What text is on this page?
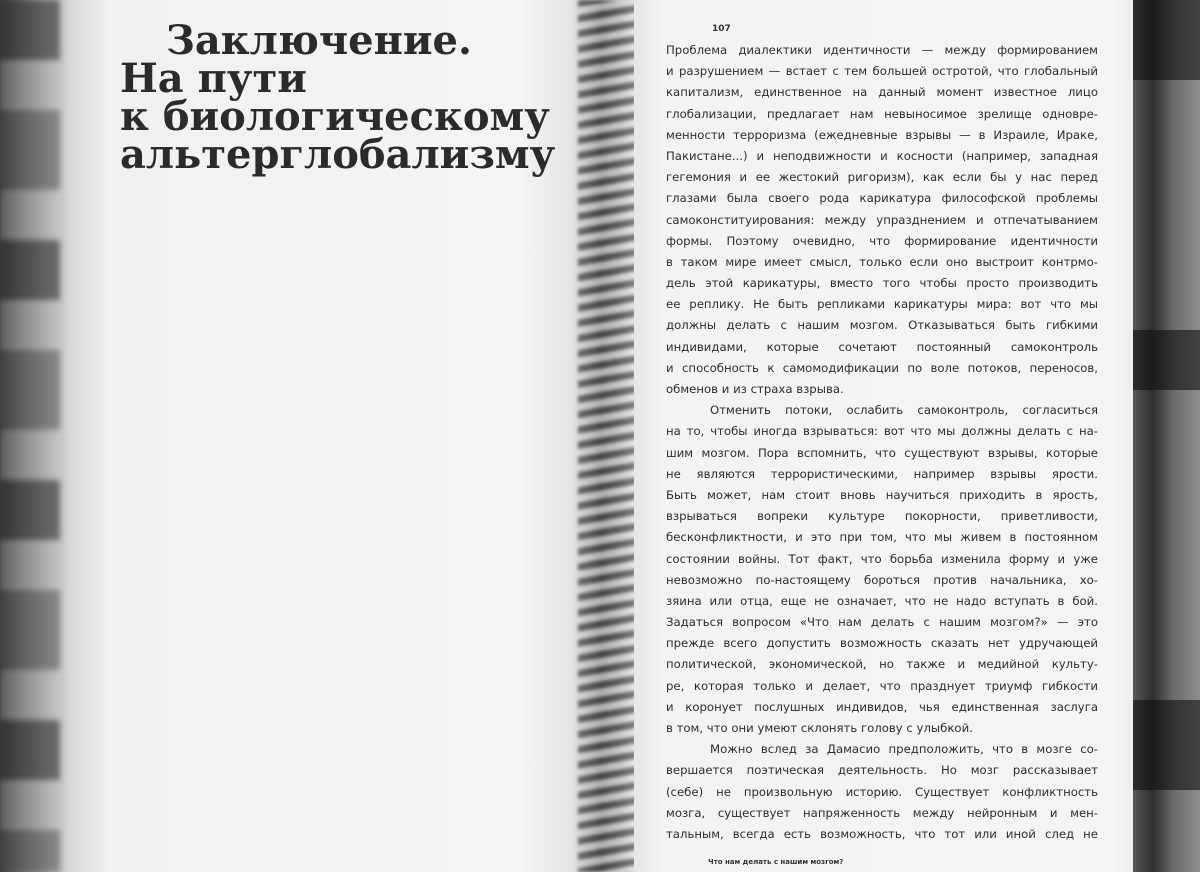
Заключение.
На пути
к биологическому
альтерглобализму
107
Проблема диалектики идентичности — между формированием
и разрушением — встает с тем большей остротой, что глобальный
капитализм, единственное на данный момент известное лицо
глобализации, предлагает нам невыносимое зрелище одновре-
менности терроризма (ежедневные взрывы — в Израиле, Ираке,
Пакистане...) и неподвижности и косности (например, западная
гегемония и ее жестокий ригоризм), как если бы у нас перед
глазами была своего рода карикатура философской проблемы
самоконституирования: между упразднением и отпечатыванием
формы. Поэтому очевидно, что формирование идентичности
в таком мире имеет смысл, только если оно выстроит контрмо-
дель этой карикатуры, вместо того чтобы просто производить
ее реплику. Не быть репликами карикатуры мира: вот что мы
должны делать с нашим мозгом. Отказываться быть гибкими
индивидами, которые сочетают постоянный самоконтроль
и способность к самомодификации по воле потоков, переносов,
обменов и из страха взрыва.
Отменить потоки, ослабить самоконтроль, согласиться
на то, чтобы иногда взрываться: вот что мы должны делать с на-
шим мозгом. Пора вспомнить, что существуют взрывы, которые
не являются террористическими, например взрывы ярости.
Быть может, нам стоит вновь научиться приходить в ярость,
взрываться вопреки культуре покорности, приветливости,
бесконфликтности, и это при том, что мы живем в постоянном
состоянии войны. Тот факт, что борьба изменила форму и уже
невозможно по-настоящему бороться против начальника, хо-
зяина или отца, еще не означает, что не надо вступать в бой.
Задаться вопросом «Что нам делать с нашим мозгом?» — это
прежде всего допустить возможность сказать нет удручающей
политической, экономической, но также и медийной культу-
ре, которая только и делает, что празднует триумф гибкости
и коронует послушных индивидов, чья единственная заслуга
в том, что они умеют склонять голову с улыбкой.
Можно вслед за Дамасио предположить, что в мозге со-
вершается поэтическая деятельность. Но мозг рассказывает
(себе) не произвольную историю. Существует конфликтность
мозга, существует напряженность между нейронным и мен-
тальным, всегда есть возможность, что тот или иной след не
Что нам делать с нашим мозгом?
